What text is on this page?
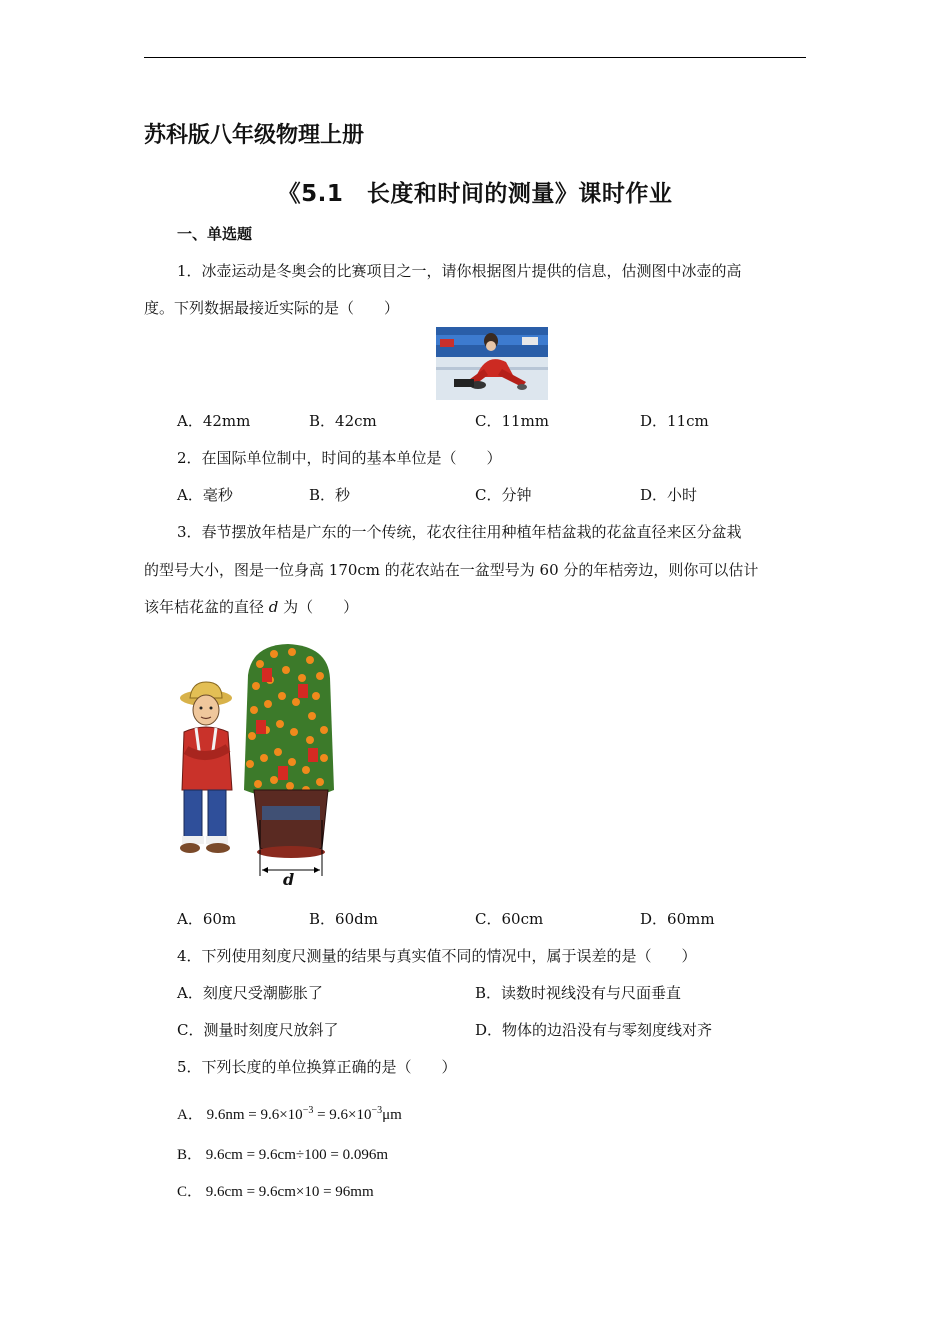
苏科版八年级物理上册
《5.1　长度和时间的测量》课时作业
一、单选题
1．冰壶运动是冬奥会的比赛项目之一，请你根据图片提供的信息，估测图中冰壶的高
度。下列数据最接近实际的是（　　）
A．42mm	B．42cm	C．11mm	D．11cm
2．在国际单位制中，时间的基本单位是（　　）
A．毫秒	B．秒	C．分钟	D．小时
3．春节摆放年桔是广东的一个传统，花农往往用种植年桔盆栽的花盆直径来区分盆栽
的型号大小，图是一位身高 170cm 的花农站在一盆型号为 60 分的年桔旁边，则你可以估计
该年桔花盆的直径 d 为（　　）
d
A．60m	B．60dm	C．60cm	D．60mm
4．下列使用刻度尺测量的结果与真实值不同的情况中，属于误差的是（　　）
A．刻度尺受潮膨胀了	B．读数时视线没有与尺面垂直
C．测量时刻度尺放斜了	D．物体的边沿没有与零刻度线对齐
5．下列长度的单位换算正确的是（　　）
A． $9.6nm = 9.6\times 10^{-3} = 9.6\times 10^{-3}\mu m$
B． 9.6cm = 9.6cm÷100 = 0.096m
C． 9.6cm = 9.6cm×10 = 96mm
